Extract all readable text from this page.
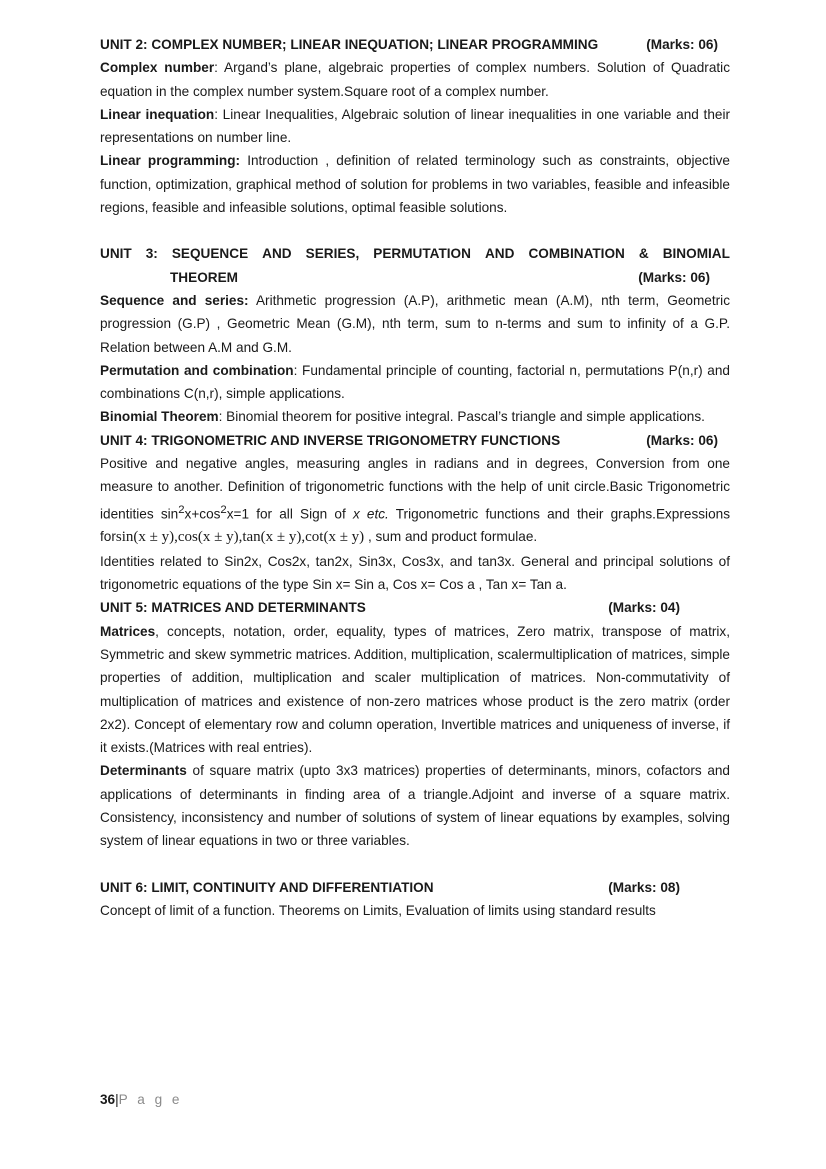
UNIT 2: COMPLEX NUMBER; LINEAR INEQUATION; LINEAR PROGRAMMING	(Marks: 06)

Complex number: Argand’s plane, algebraic properties of complex numbers. Solution of Quadratic equation in the complex number system.Square root of a complex number.

Linear inequation: Linear Inequalities, Algebraic solution of linear inequalities in one variable and their representations on number line.

Linear programming: Introduction , definition of related terminology such as constraints, objective function, optimization, graphical method of solution for problems in two variables, feasible and infeasible regions, feasible and infeasible solutions, optimal feasible solutions.

UNIT 3: SEQUENCE AND SERIES, PERMUTATION AND COMBINATION & BINOMIAL
THEOREM	(Marks: 06)

Sequence and series: Arithmetic progression (A.P), arithmetic mean (A.M), nth term, Geometric progression (G.P) , Geometric Mean (G.M), nth term, sum to n-terms and sum to infinity of a G.P. Relation between A.M and G.M.

Permutation and combination: Fundamental principle of counting, factorial n, permutations P(n,r) and combinations C(n,r), simple applications.

Binomial Theorem: Binomial theorem for positive integral. Pascal’s triangle and simple applications.

UNIT 4: TRIGONOMETRIC AND INVERSE TRIGONOMETRY FUNCTIONS	(Marks: 06)

Positive and negative angles, measuring angles in radians and in degrees, Conversion from one measure to another. Definition of trigonometric functions with the help of unit circle.Basic Trigonometric identities $\sin^2x+\cos^2x=1$ for all Sign of x etc. Trigonometric functions and their graphs.Expressions forsin(x ± y),cos(x ± y),tan(x ± y),cot(x ± y) , sum and product formulae.

Identities related to Sin2x, Cos2x, tan2x, Sin3x, Cos3x, and tan3x. General and principal solutions of trigonometric equations of the type Sin x= Sin a, Cos x= Cos a , Tan x= Tan a.

UNIT 5: MATRICES AND DETERMINANTS	(Marks: 04)

Matrices, concepts, notation, order, equality, types of matrices, Zero matrix, transpose of matrix, Symmetric and skew symmetric matrices. Addition, multiplication, scalermultiplication of matrices, simple properties of addition, multiplication and scaler multiplication of matrices. Non-commutativity of multiplication of matrices and existence of non-zero matrices whose product is the zero matrix (order 2x2). Concept of elementary row and column operation, Invertible matrices and uniqueness of inverse, if it exists.(Matrices with real entries).

Determinants of square matrix (upto 3x3 matrices) properties of determinants, minors, cofactors and applications of determinants in finding area of a triangle.Adjoint and inverse of a square matrix. Consistency, inconsistency and number of solutions of system of linear equations by examples, solving system of linear equations in two or three variables.

UNIT 6: LIMIT, CONTINUITY AND DIFFERENTIATION	(Marks: 08)

Concept of limit of a function. Theorems on Limits, Evaluation of limits using standard results

36|P a g e
